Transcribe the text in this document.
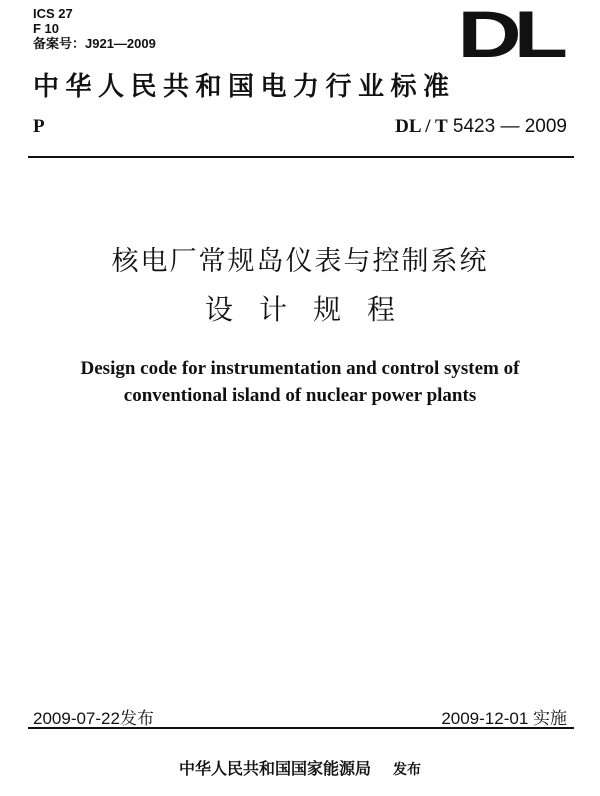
ICS 27
F 10
备案号：J921—2009	DL
中华人民共和国电力行业标准
P	DL / T 5423 — 2009
核电厂常规岛仪表与控制系统
设计规程
Design code for instrumentation and control system of
conventional island of nuclear power plants
2009-07-22发布	2009-12-01 实施
中华人民共和国国家能源局 发布
